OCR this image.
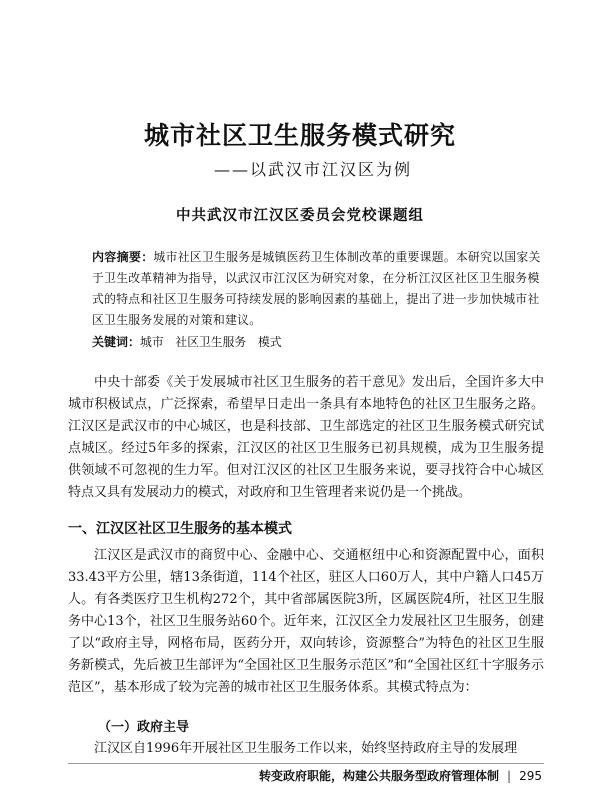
城市社区卫生服务模式研究
——以武汉市江汉区为例
中共武汉市江汉区委员会党校课题组
内容摘要：城市社区卫生服务是城镇医药卫生体制改革的重要课题。本研究以国家关于卫生改革精神为指导，以武汉市江汉区为研究对象，在分析江汉区社区卫生服务模式的特点和社区卫生服务可持续发展的影响因素的基础上，提出了进一步加快城市社区卫生服务发展的对策和建议。
关键词：城市　社区卫生服务　模式
中央十部委《关于发展城市社区卫生服务的若干意见》发出后，全国许多大中城市积极试点，广泛探索，希望早日走出一条具有本地特色的社区卫生服务之路。江汉区是武汉市的中心城区，也是科技部、卫生部选定的社区卫生服务模式研究试点城区。经过5年多的探索，江汉区的社区卫生服务已初具规模，成为卫生服务提供领域不可忽视的生力军。但对江汉区的社区卫生服务来说，要寻找符合中心城区特点又具有发展动力的模式，对政府和卫生管理者来说仍是一个挑战。
一、江汉区社区卫生服务的基本模式
江汉区是武汉市的商贸中心、金融中心、交通枢纽中心和资源配置中心，面积33.43平方公里，辖13条街道，114个社区，驻区人口60万人，其中户籍人口45万人。有各类医疗卫生机构272个，其中省部属医院3所，区属医院4所，社区卫生服务中心13个，社区卫生服务站60个。近年来，江汉区全力发展社区卫生服务，创建了以“政府主导，网格布局，医药分开，双向转诊，资源整合”为特色的社区卫生服务新模式，先后被卫生部评为“全国社区卫生服务示范区”和“全国社区红十字服务示范区”，基本形成了较为完善的城市社区卫生服务体系。其模式特点为：
（一）政府主导
江汉区自1996年开展社区卫生服务工作以来，始终坚持政府主导的发展理
转变政府职能，构建公共服务型政府管理体制 | 295
